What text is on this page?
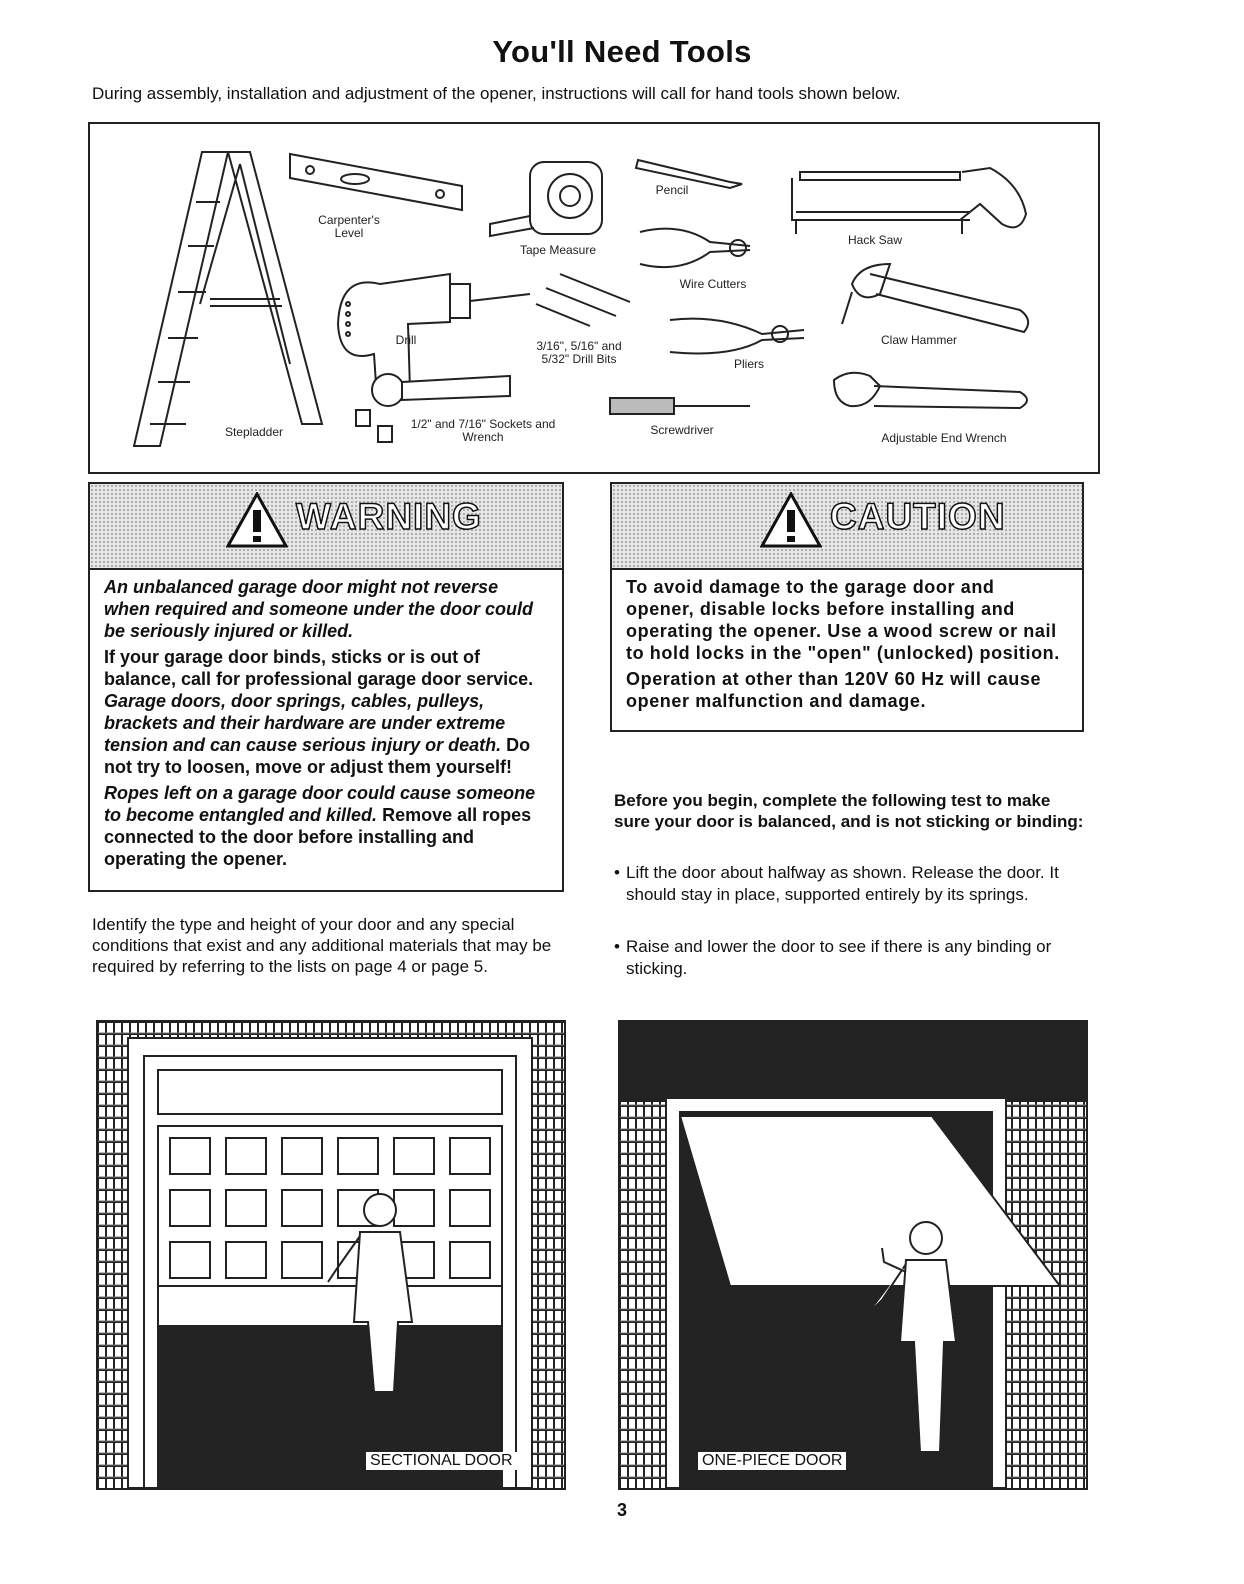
You'll Need Tools
During assembly, installation and adjustment of the opener, instructions will call for hand tools shown below.
Carpenter's Level
Tape Measure
Pencil
Hack Saw
Wire Cutters
Drill	3/16", 5/16" and 5/32" Drill Bits	Pliers
Claw Hammer
Stepladder
1/2" and 7/16" Sockets and Wrench	Screwdriver
Adjustable End Wrench
WARNING

An unbalanced garage door might not reverse when required and someone under the door could be seriously injured or killed.

If your garage door binds, sticks or is out of balance, call for professional garage door service. Garage doors, door springs, cables, pulleys, brackets and their hardware are under extreme tension and can cause serious injury or death. Do not try to loosen, move or adjust them yourself!

Ropes left on a garage door could cause someone to become entangled and killed. Remove all ropes connected to the door before installing and operating the opener.

CAUTION

To avoid damage to the garage door and opener, disable locks before installing and operating the opener. Use a wood screw or nail to hold locks in the "open" (unlocked) position.

Operation at other than 120V 60 Hz will cause opener malfunction and damage.

Identify the type and height of your door and any special conditions that exist and any additional materials that may be required by referring to the lists on page 4 or page 5.
Before you begin, complete the following test to make sure your door is balanced, and is not sticking or binding:
• Lift the door about halfway as shown. Release the door. It should stay in place, supported entirely by its springs.
• Raise and lower the door to see if there is any binding or sticking.
SECTIONAL DOOR	ONE-PIECE DOOR
3
